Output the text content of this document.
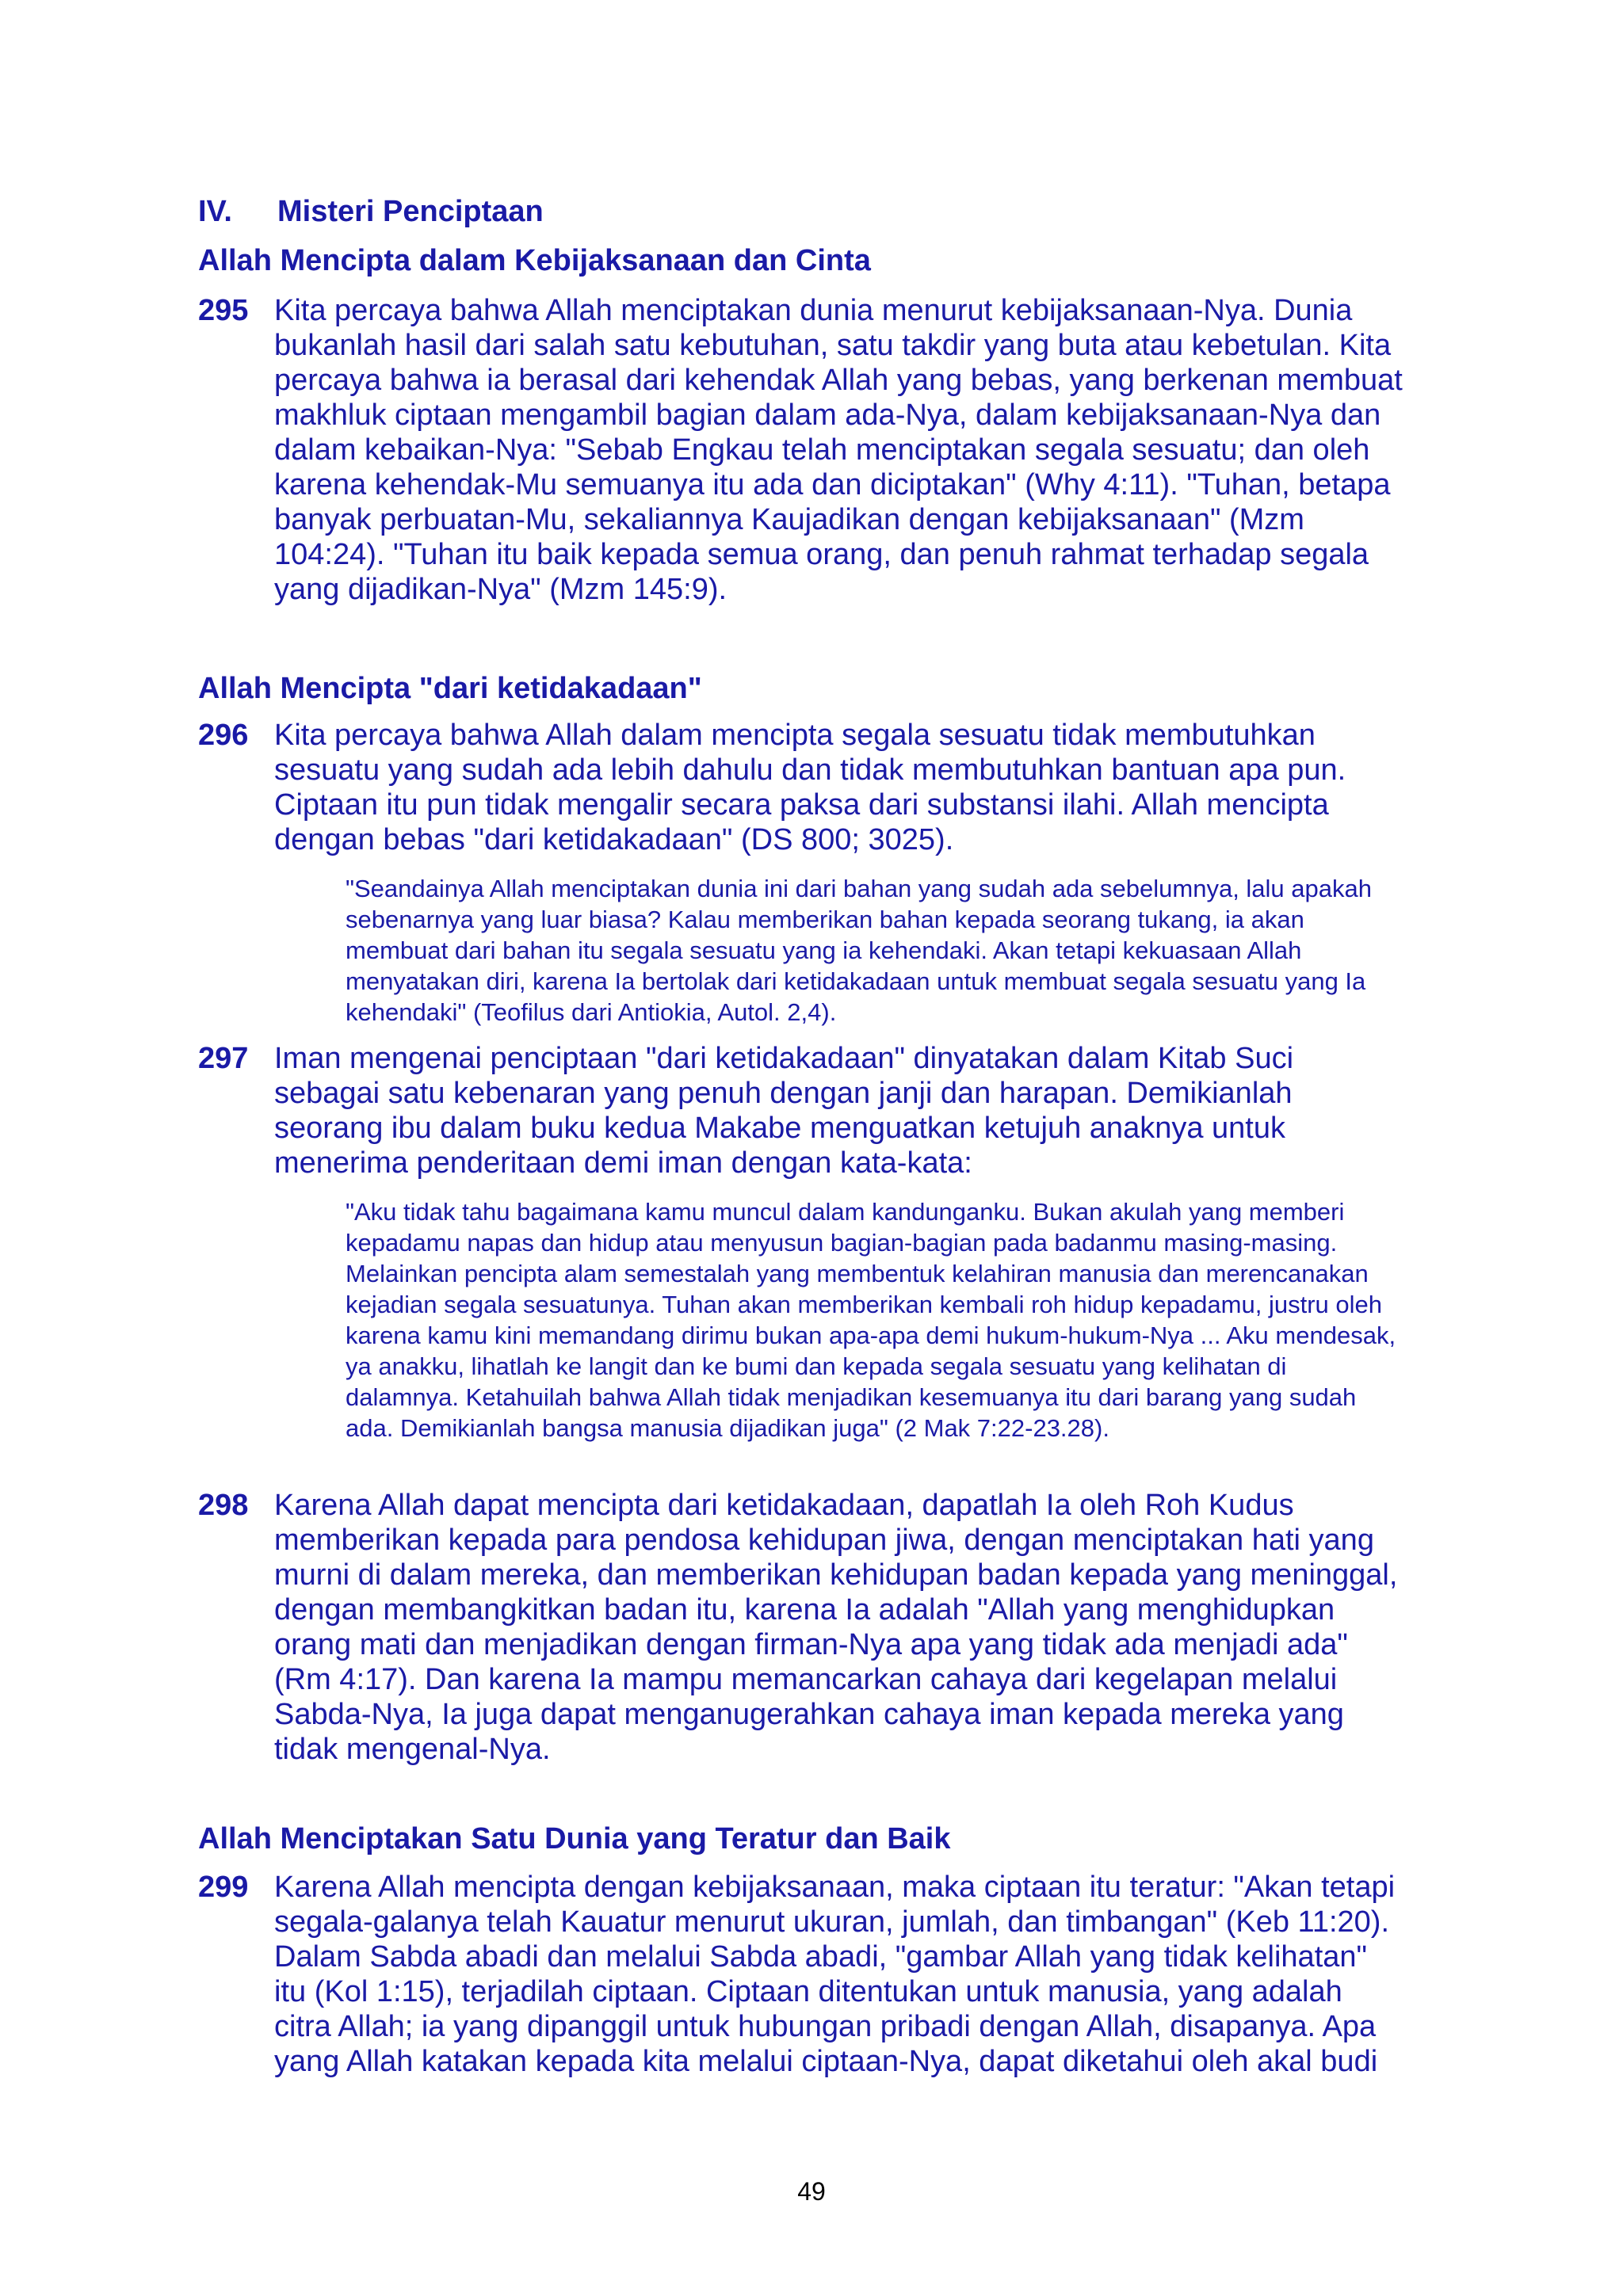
IV. Misteri Penciptaan
Allah Mencipta dalam Kebijaksanaan dan Cinta
295 Kita percaya bahwa Allah menciptakan dunia menurut kebijaksanaan-Nya. Dunia bukanlah hasil dari salah satu kebutuhan, satu takdir yang buta atau kebetulan. Kita percaya bahwa ia berasal dari kehendak Allah yang bebas, yang berkenan membuat makhluk ciptaan mengambil bagian dalam ada-Nya, dalam kebijaksanaan-Nya dan dalam kebaikan-Nya: "Sebab Engkau telah menciptakan segala sesuatu; dan oleh karena kehendak-Mu semuanya itu ada dan diciptakan" (Why 4:11). "Tuhan, betapa banyak perbuatan-Mu, sekaliannya Kaujadikan dengan kebijaksanaan" (Mzm 104:24). "Tuhan itu baik kepada semua orang, dan penuh rahmat terhadap segala yang dijadikan-Nya" (Mzm 145:9).
Allah Mencipta "dari ketidakadaan"
296 Kita percaya bahwa Allah dalam mencipta segala sesuatu tidak membutuhkan sesuatu yang sudah ada lebih dahulu dan tidak membutuhkan bantuan apa pun. Ciptaan itu pun tidak mengalir secara paksa dari substansi ilahi. Allah mencipta dengan bebas "dari ketidakadaan" (DS 800; 3025).
"Seandainya Allah menciptakan dunia ini dari bahan yang sudah ada sebelumnya, lalu apakah sebenarnya yang luar biasa? Kalau memberikan bahan kepada seorang tukang, ia akan membuat dari bahan itu segala sesuatu yang ia kehendaki. Akan tetapi kekuasaan Allah menyatakan diri, karena Ia bertolak dari ketidakadaan untuk membuat segala sesuatu yang Ia kehendaki" (Teofilus dari Antiokia, Autol. 2,4).
297 Iman mengenai penciptaan "dari ketidakadaan" dinyatakan dalam Kitab Suci sebagai satu kebenaran yang penuh dengan janji dan harapan. Demikianlah seorang ibu dalam buku kedua Makabe menguatkan ketujuh anaknya untuk menerima penderitaan demi iman dengan kata-kata:
"Aku tidak tahu bagaimana kamu muncul dalam kandunganku. Bukan akulah yang memberi kepadamu napas dan hidup atau menyusun bagian-bagian pada badanmu masing-masing. Melainkan pencipta alam semestalah yang membentuk kelahiran manusia dan merencanakan kejadian segala sesuatunya. Tuhan akan memberikan kembali roh hidup kepadamu, justru oleh karena kamu kini memandang dirimu bukan apa-apa demi hukum-hukum-Nya ... Aku mendesak, ya anakku, lihatlah ke langit dan ke bumi dan kepada segala sesuatu yang kelihatan di dalamnya. Ketahuilah bahwa Allah tidak menjadikan kesemuanya itu dari barang yang sudah ada. Demikianlah bangsa manusia dijadikan juga" (2 Mak 7:22-23.28).
298 Karena Allah dapat mencipta dari ketidakadaan, dapatlah Ia oleh Roh Kudus memberikan kepada para pendosa kehidupan jiwa, dengan menciptakan hati yang murni di dalam mereka, dan memberikan kehidupan badan kepada yang meninggal, dengan membangkitkan badan itu, karena Ia adalah "Allah yang menghidupkan orang mati dan menjadikan dengan firman-Nya apa yang tidak ada menjadi ada" (Rm 4:17). Dan karena Ia mampu memancarkan cahaya dari kegelapan melalui Sabda-Nya, Ia juga dapat menganugerahkan cahaya iman kepada mereka yang tidak mengenal-Nya.
Allah Menciptakan Satu Dunia yang Teratur dan Baik
299 Karena Allah mencipta dengan kebijaksanaan, maka ciptaan itu teratur: "Akan tetapi segala-galanya telah Kauatur menurut ukuran, jumlah, dan timbangan" (Keb 11:20). Dalam Sabda abadi dan melalui Sabda abadi, "gambar Allah yang tidak kelihatan" itu (Kol 1:15), terjadilah ciptaan. Ciptaan ditentukan untuk manusia, yang adalah citra Allah; ia yang dipanggil untuk hubungan pribadi dengan Allah, disapanya. Apa yang Allah katakan kepada kita melalui ciptaan-Nya, dapat diketahui oleh akal budi
49
